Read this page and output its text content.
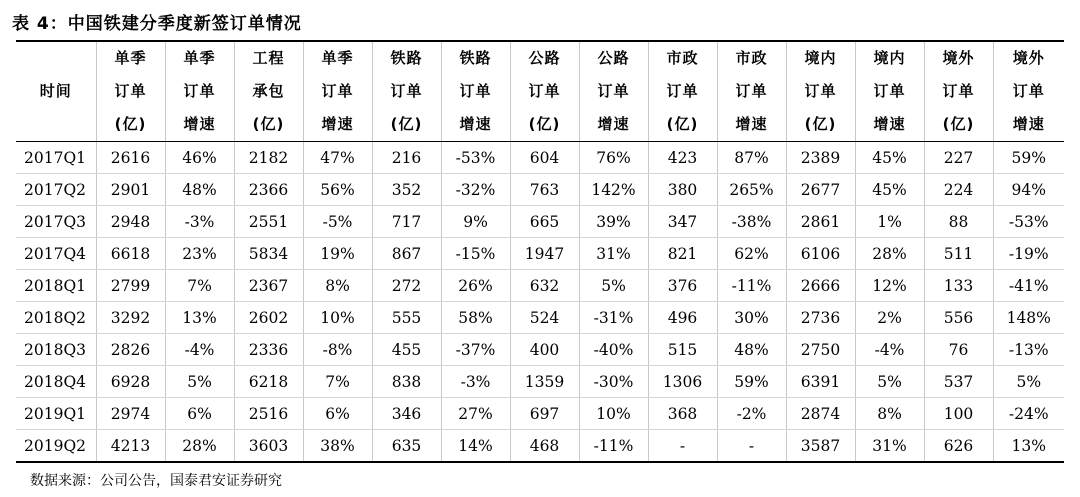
表 4：中国铁建分季度新签订单情况
时间	单季	单季	工程	单季	铁路	铁路	公路	公路	市政	市政	境内	境内	境外	境外
	订单	订单	承包	订单	订单	订单	订单	订单	订单	订单	订单	订单	订单	订单
	(亿)	增速	(亿)	增速	(亿)	增速	(亿)	增速	(亿)	增速	(亿)	增速	(亿)	增速
2017Q1	2616	46%	2182	47%	216	-53%	604	76%	423	87%	2389	45%	227	59%
2017Q2	2901	48%	2366	56%	352	-32%	763	142%	380	265%	2677	45%	224	94%
2017Q3	2948	-3%	2551	-5%	717	9%	665	39%	347	-38%	2861	1%	88	-53%
2017Q4	6618	23%	5834	19%	867	-15%	1947	31%	821	62%	6106	28%	511	-19%
2018Q1	2799	7%	2367	8%	272	26%	632	5%	376	-11%	2666	12%	133	-41%
2018Q2	3292	13%	2602	10%	555	58%	524	-31%	496	30%	2736	2%	556	148%
2018Q3	2826	-4%	2336	-8%	455	-37%	400	-40%	515	48%	2750	-4%	76	-13%
2018Q4	6928	5%	6218	7%	838	-3%	1359	-30%	1306	59%	6391	5%	537	5%
2019Q1	2974	6%	2516	6%	346	27%	697	10%	368	-2%	2874	8%	100	-24%
2019Q2	4213	28%	3603	38%	635	14%	468	-11%	-	-	3587	31%	626	13%
数据来源：公司公告，国泰君安证券研究
